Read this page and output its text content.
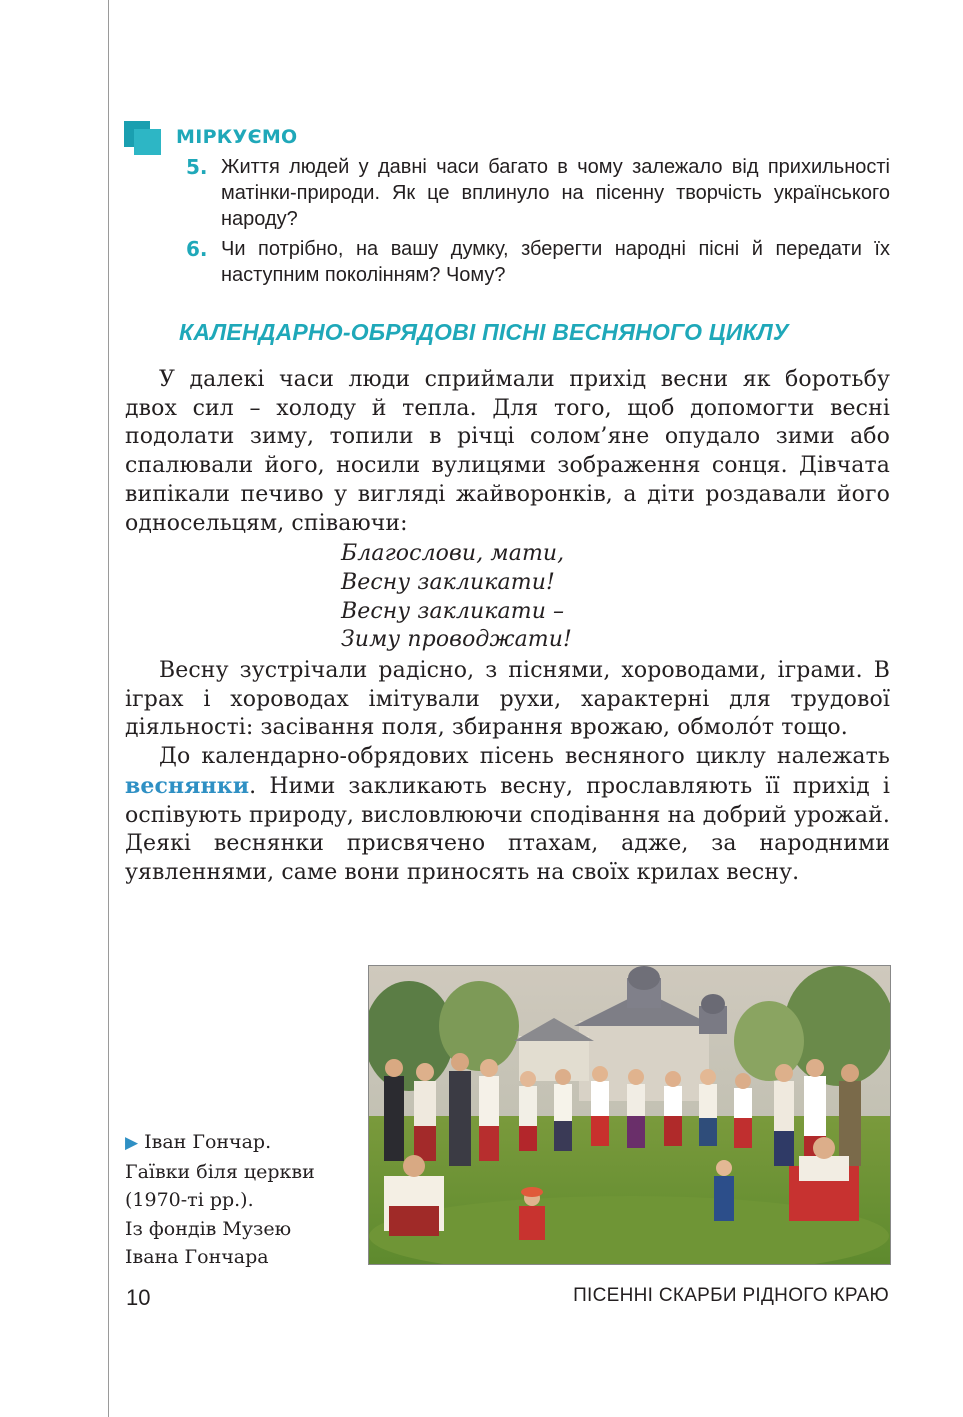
МІРКУЄМО
5. Життя людей у давні часи багато в чому залежало від прихильності матінки-природи. Як це вплинуло на пісенну творчість українського народу?
6. Чи потрібно, на вашу думку, зберегти народні пісні й передати їх наступним поколінням? Чому?
КАЛЕНДАРНО-ОБРЯДОВІ ПІСНІ ВЕСНЯНОГО ЦИКЛУ

У далекі часи люди сприймали прихід весни як боротьбу двох сил – холоду й тепла. Для того, щоб допомогти весні подолати зиму, топили в річці солом’яне опудало зими або спалювали його, носили вулицями зображення сонця. Дівчата випікали печиво у вигляді жайворонків, а діти роздавали його односельцям, співаючи:

Благослови, мати,
Весну закликати!
Весну закликати –
Зиму проводжати!

Весну зустрічали радісно, з піснями, хороводами, іграми. В іграх і хороводах імітували рухи, характерні для трудової діяльності: засівання поля, збирання врожаю, обмоло́т тощо.

До календарно-обрядових пісень весняного циклу належать веснянки. Ними закликають весну, прославляють її прихід і оспівують природу, висловлюючи сподівання на добрий урожай. Деякі веснянки присвячено птахам, адже, за народними уявленнями, саме вони приносять на своїх крилах весну.

▶ Іван Гончар.
Гаївки біля церкви
(1970-ті рр.).
Із фондів Музею
Івана Гончара
10	ПІСЕННІ СКАРБИ РІДНОГО КРАЮ
